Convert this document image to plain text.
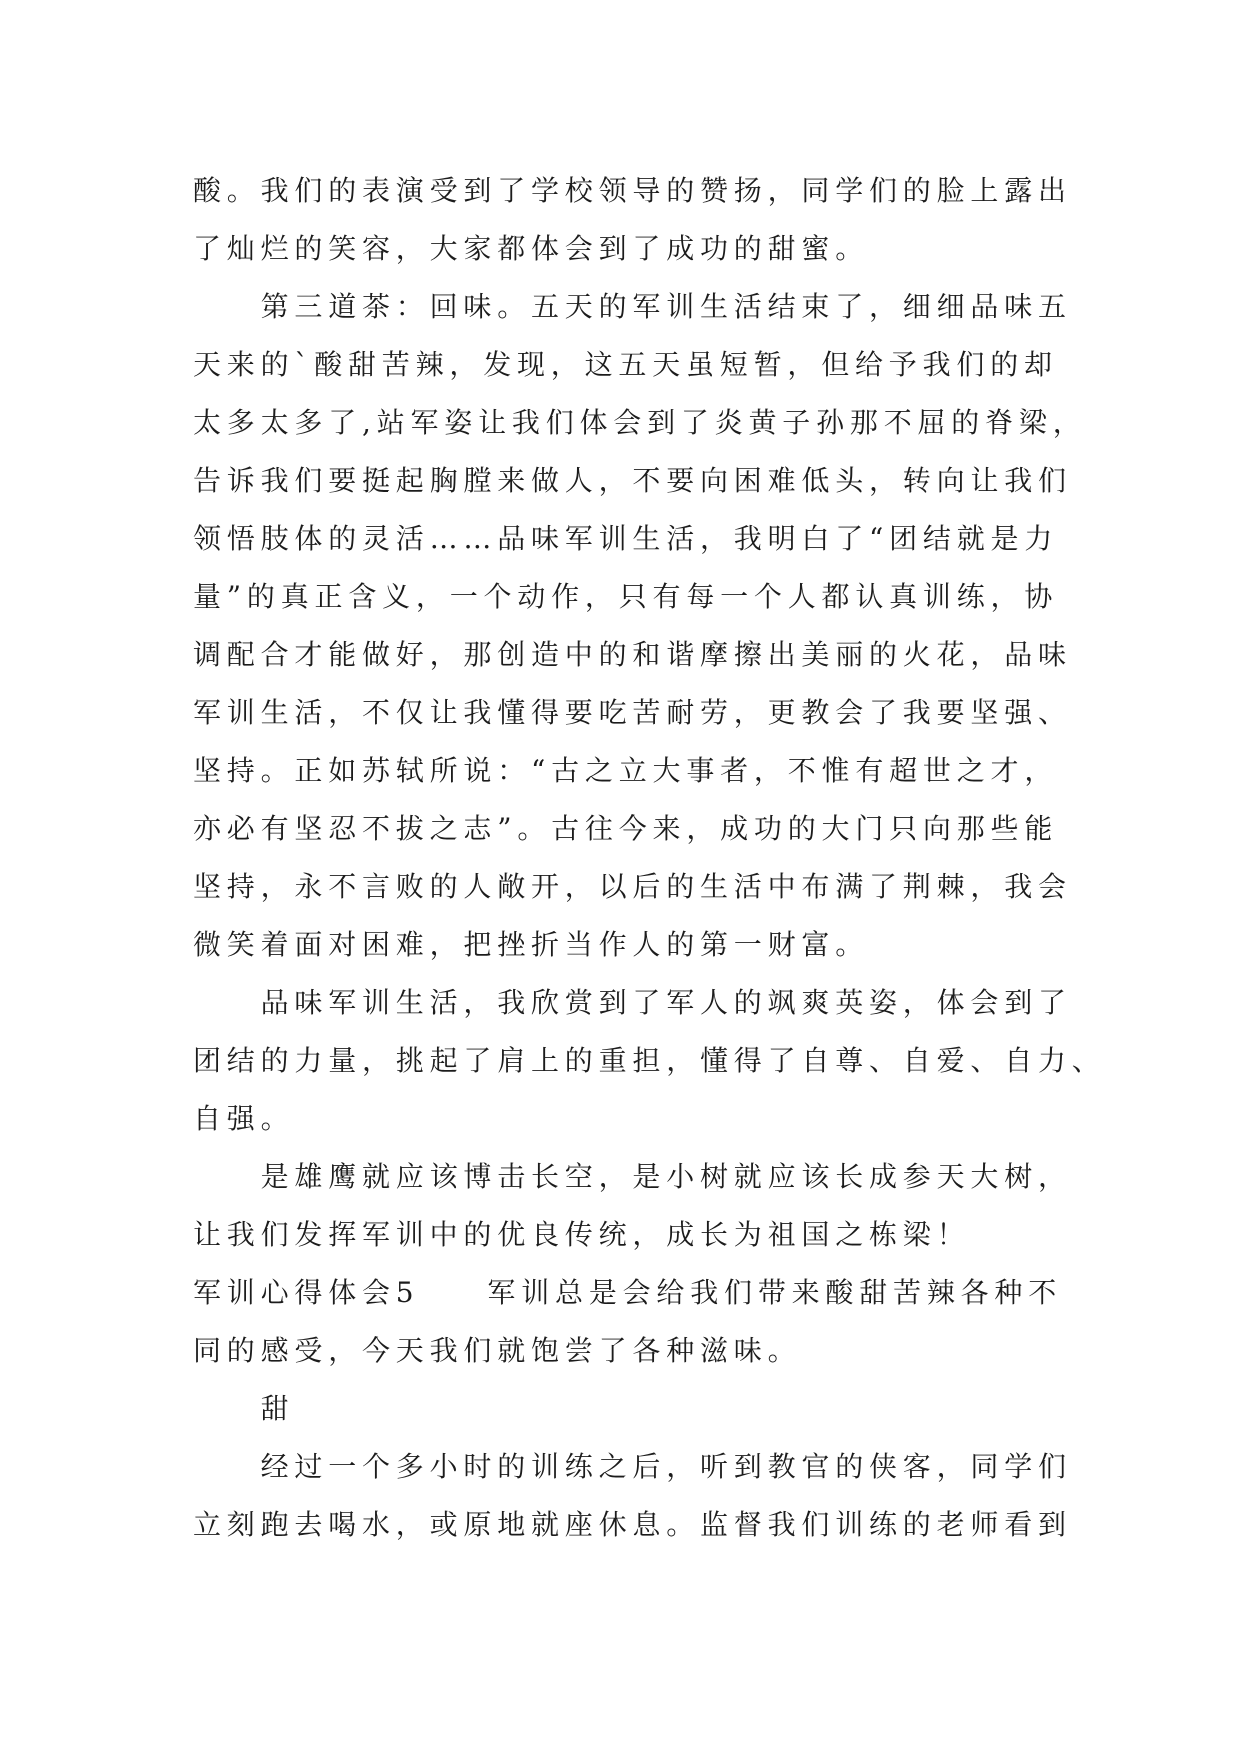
酸。我们的表演受到了学校领导的赞扬，同学们的脸上露出
了灿烂的笑容，大家都体会到了成功的甜蜜。
第三道茶：回味。五天的军训生活结束了，细细品味五
天来的`酸甜苦辣，发现，这五天虽短暂，但给予我们的却
太多太多了,站军姿让我们体会到了炎黄子孙那不屈的脊梁，
告诉我们要挺起胸膛来做人，不要向困难低头，转向让我们
领悟肢体的灵活……品味军训生活，我明白了“团结就是力
量”的真正含义，一个动作，只有每一个人都认真训练，协
调配合才能做好，那创造中的和谐摩擦出美丽的火花，品味
军训生活，不仅让我懂得要吃苦耐劳，更教会了我要坚强、
坚持。正如苏轼所说：“古之立大事者，不惟有超世之才，
亦必有坚忍不拔之志”。古往今来，成功的大门只向那些能
坚持，永不言败的人敞开，以后的生活中布满了荆棘，我会
微笑着面对困难，把挫折当作人的第一财富。
品味军训生活，我欣赏到了军人的飒爽英姿，体会到了
团结的力量，挑起了肩上的重担，懂得了自尊、自爱、自力、
自强。
是雄鹰就应该博击长空，是小树就应该长成参天大树，
让我们发挥军训中的优良传统，成长为祖国之栋梁！
军训心得体会5 军训总是会给我们带来酸甜苦辣各种不
同的感受，今天我们就饱尝了各种滋味。
甜
经过一个多小时的训练之后，听到教官的侠客，同学们
立刻跑去喝水，或原地就座休息。监督我们训练的老师看到
